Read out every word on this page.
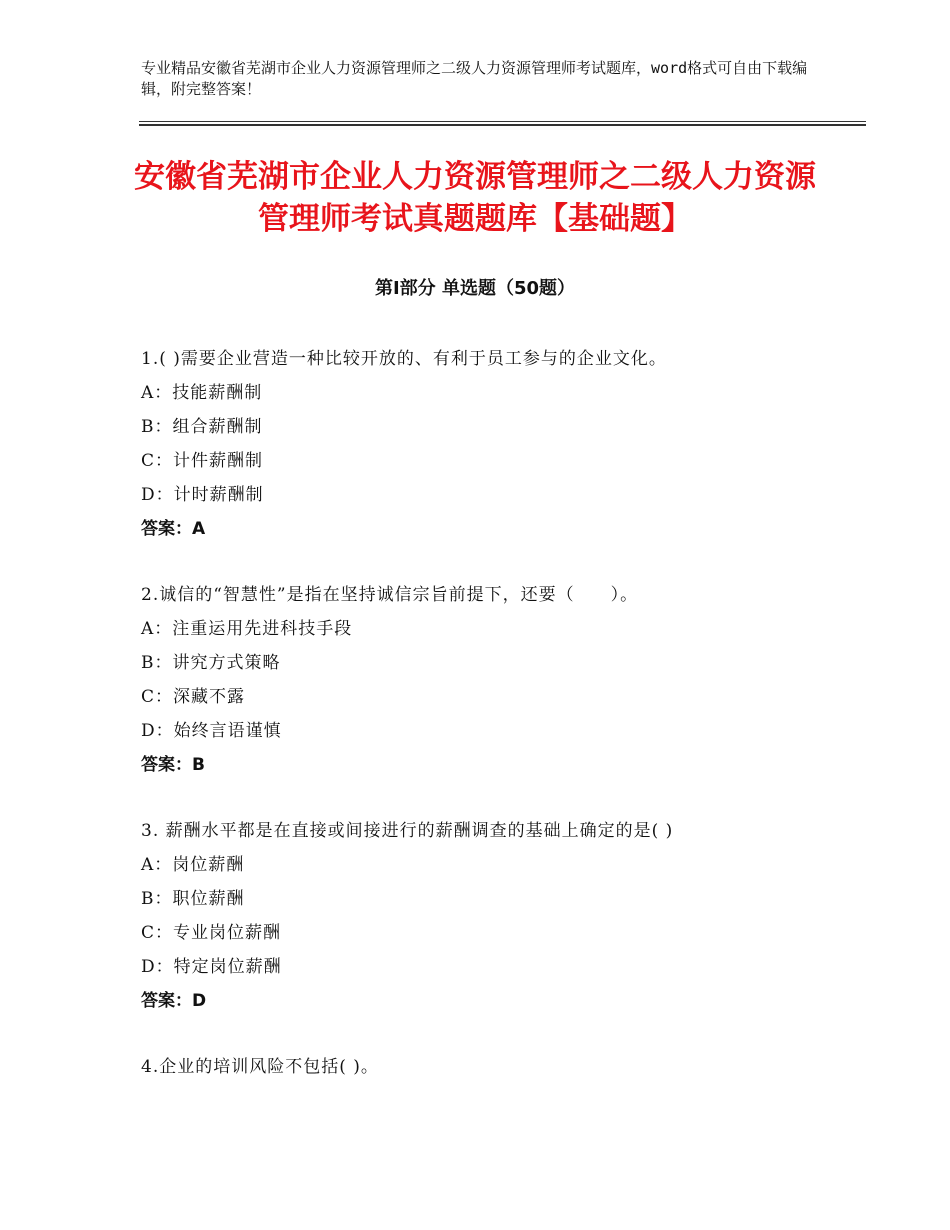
专业精品安徽省芜湖市企业人力资源管理师之二级人力资源管理师考试题库，word格式可自由下载编辑，附完整答案！
安徽省芜湖市企业人力资源管理师之二级人力资源管理师考试真题题库【基础题】
第Ⅰ部分 单选题（50题）
1.( )需要企业营造一种比较开放的、有利于员工参与的企业文化。
A：技能薪酬制
B：组合薪酬制
C：计件薪酬制
D：计时薪酬制
答案：A
2.诚信的“智慧性”是指在坚持诚信宗旨前提下，还要（　　）。
A：注重运用先进科技手段
B：讲究方式策略
C：深藏不露
D：始终言语谨慎
答案：B
3. 薪酬水平都是在直接或间接进行的薪酬调查的基础上确定的是( )
A：岗位薪酬
B：职位薪酬
C：专业岗位薪酬
D：特定岗位薪酬
答案：D
4.企业的培训风险不包括( )。
